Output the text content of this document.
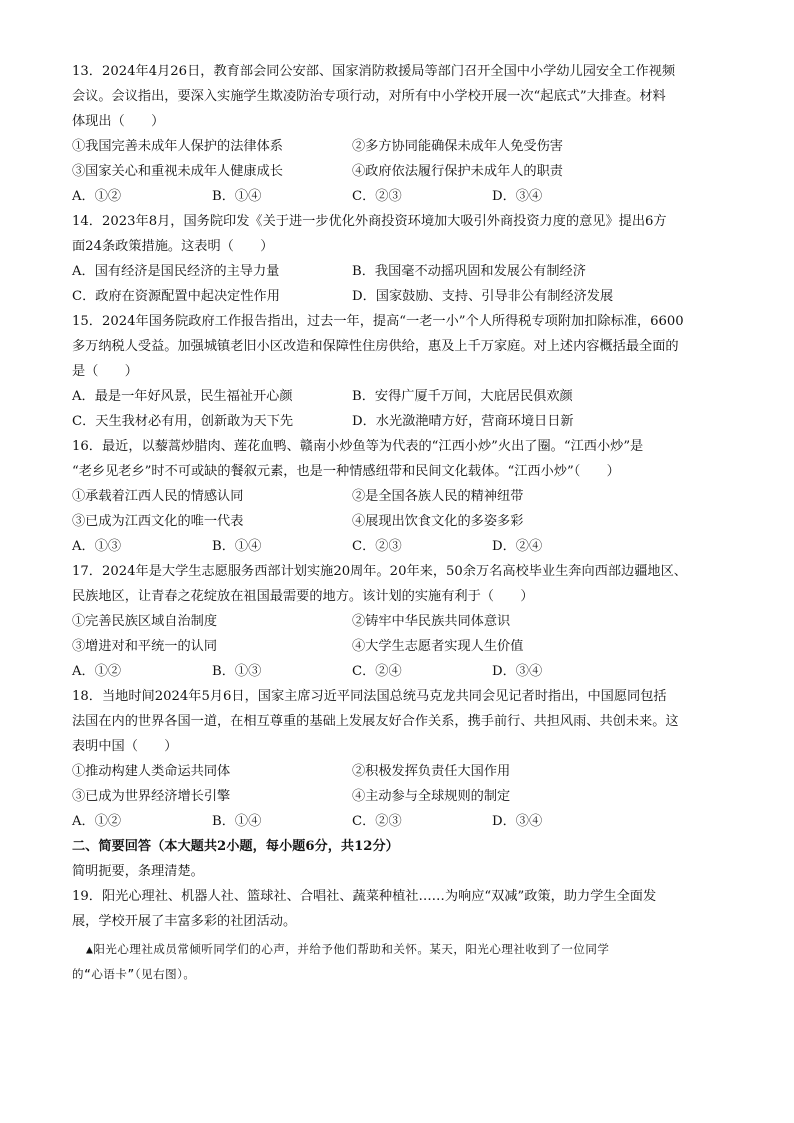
13．2024年4月26日，教育部会同公安部、国家消防救援局等部门召开全国中小学幼儿园安全工作视频
会议。会议指出，要深入实施学生欺凌防治专项行动，对所有中小学校开展一次“起底式”大排查。材料
体现出（　　）
①我国完善未成年人保护的法律体系	②多方协同能确保未成年人免受伤害
③国家关心和重视未成年人健康成长	④政府依法履行保护未成年人的职责
A．①②	B．①④	C．②③	D．③④
14．2023年8月，国务院印发《关于进一步优化外商投资环境加大吸引外商投资力度的意见》提出6方
面24条政策措施。这表明（　　）
A．国有经济是国民经济的主导力量	B．我国毫不动摇巩固和发展公有制经济
C．政府在资源配置中起决定性作用	D．国家鼓励、支持、引导非公有制经济发展
15．2024年国务院政府工作报告指出，过去一年，提高“一老一小”个人所得税专项附加扣除标准，6600
多万纳税人受益。加强城镇老旧小区改造和保障性住房供给，惠及上千万家庭。对上述内容概括最全面的
是（　　）
A．最是一年好风景，民生福祉开心颜	B．安得广厦千万间，大庇居民俱欢颜
C．天生我材必有用，创新敢为天下先	D．水光潋滟晴方好，营商环境日日新
16．最近，以藜蒿炒腊肉、莲花血鸭、赣南小炒鱼等为代表的“江西小炒”火出了圈。“江西小炒”是
“老乡见老乡”时不可或缺的餐叙元素，也是一种情感纽带和民间文化载体。“江西小炒”（　　）
①承载着江西人民的情感认同	②是全国各族人民的精神纽带
③已成为江西文化的唯一代表	④展现出饮食文化的多姿多彩
A．①③	B．①④	C．②③	D．②④
17．2024年是大学生志愿服务西部计划实施20周年。20年来，50余万名高校毕业生奔向西部边疆地区、
民族地区，让青春之花绽放在祖国最需要的地方。该计划的实施有利于（　　）
①完善民族区域自治制度	②铸牢中华民族共同体意识
③增进对和平统一的认同	④大学生志愿者实现人生价值
A．①②	B．①③	C．②④	D．③④
18．当地时间2024年5月6日，国家主席习近平同法国总统马克龙共同会见记者时指出，中国愿同包括
法国在内的世界各国一道，在相互尊重的基础上发展友好合作关系，携手前行、共担风雨、共创未来。这
表明中国（　　）
①推动构建人类命运共同体	②积极发挥负责任大国作用
③已成为世界经济增长引擎	④主动参与全球规则的制定
A．①②	B．①④	C．②③	D．③④
二、简要回答（本大题共2小题，每小题6分，共12分）
简明扼要，条理清楚。
19．阳光心理社、机器人社、篮球社、合唱社、蔬菜种植社……为响应“双减”政策，助力学生全面发
展，学校开展了丰富多彩的社团活动。
▲阳光心理社成员常倾听同学们的心声，并给予他们帮助和关怀。某天，阳光心理社收到了一位同学
的“心语卡”（见右图）。
